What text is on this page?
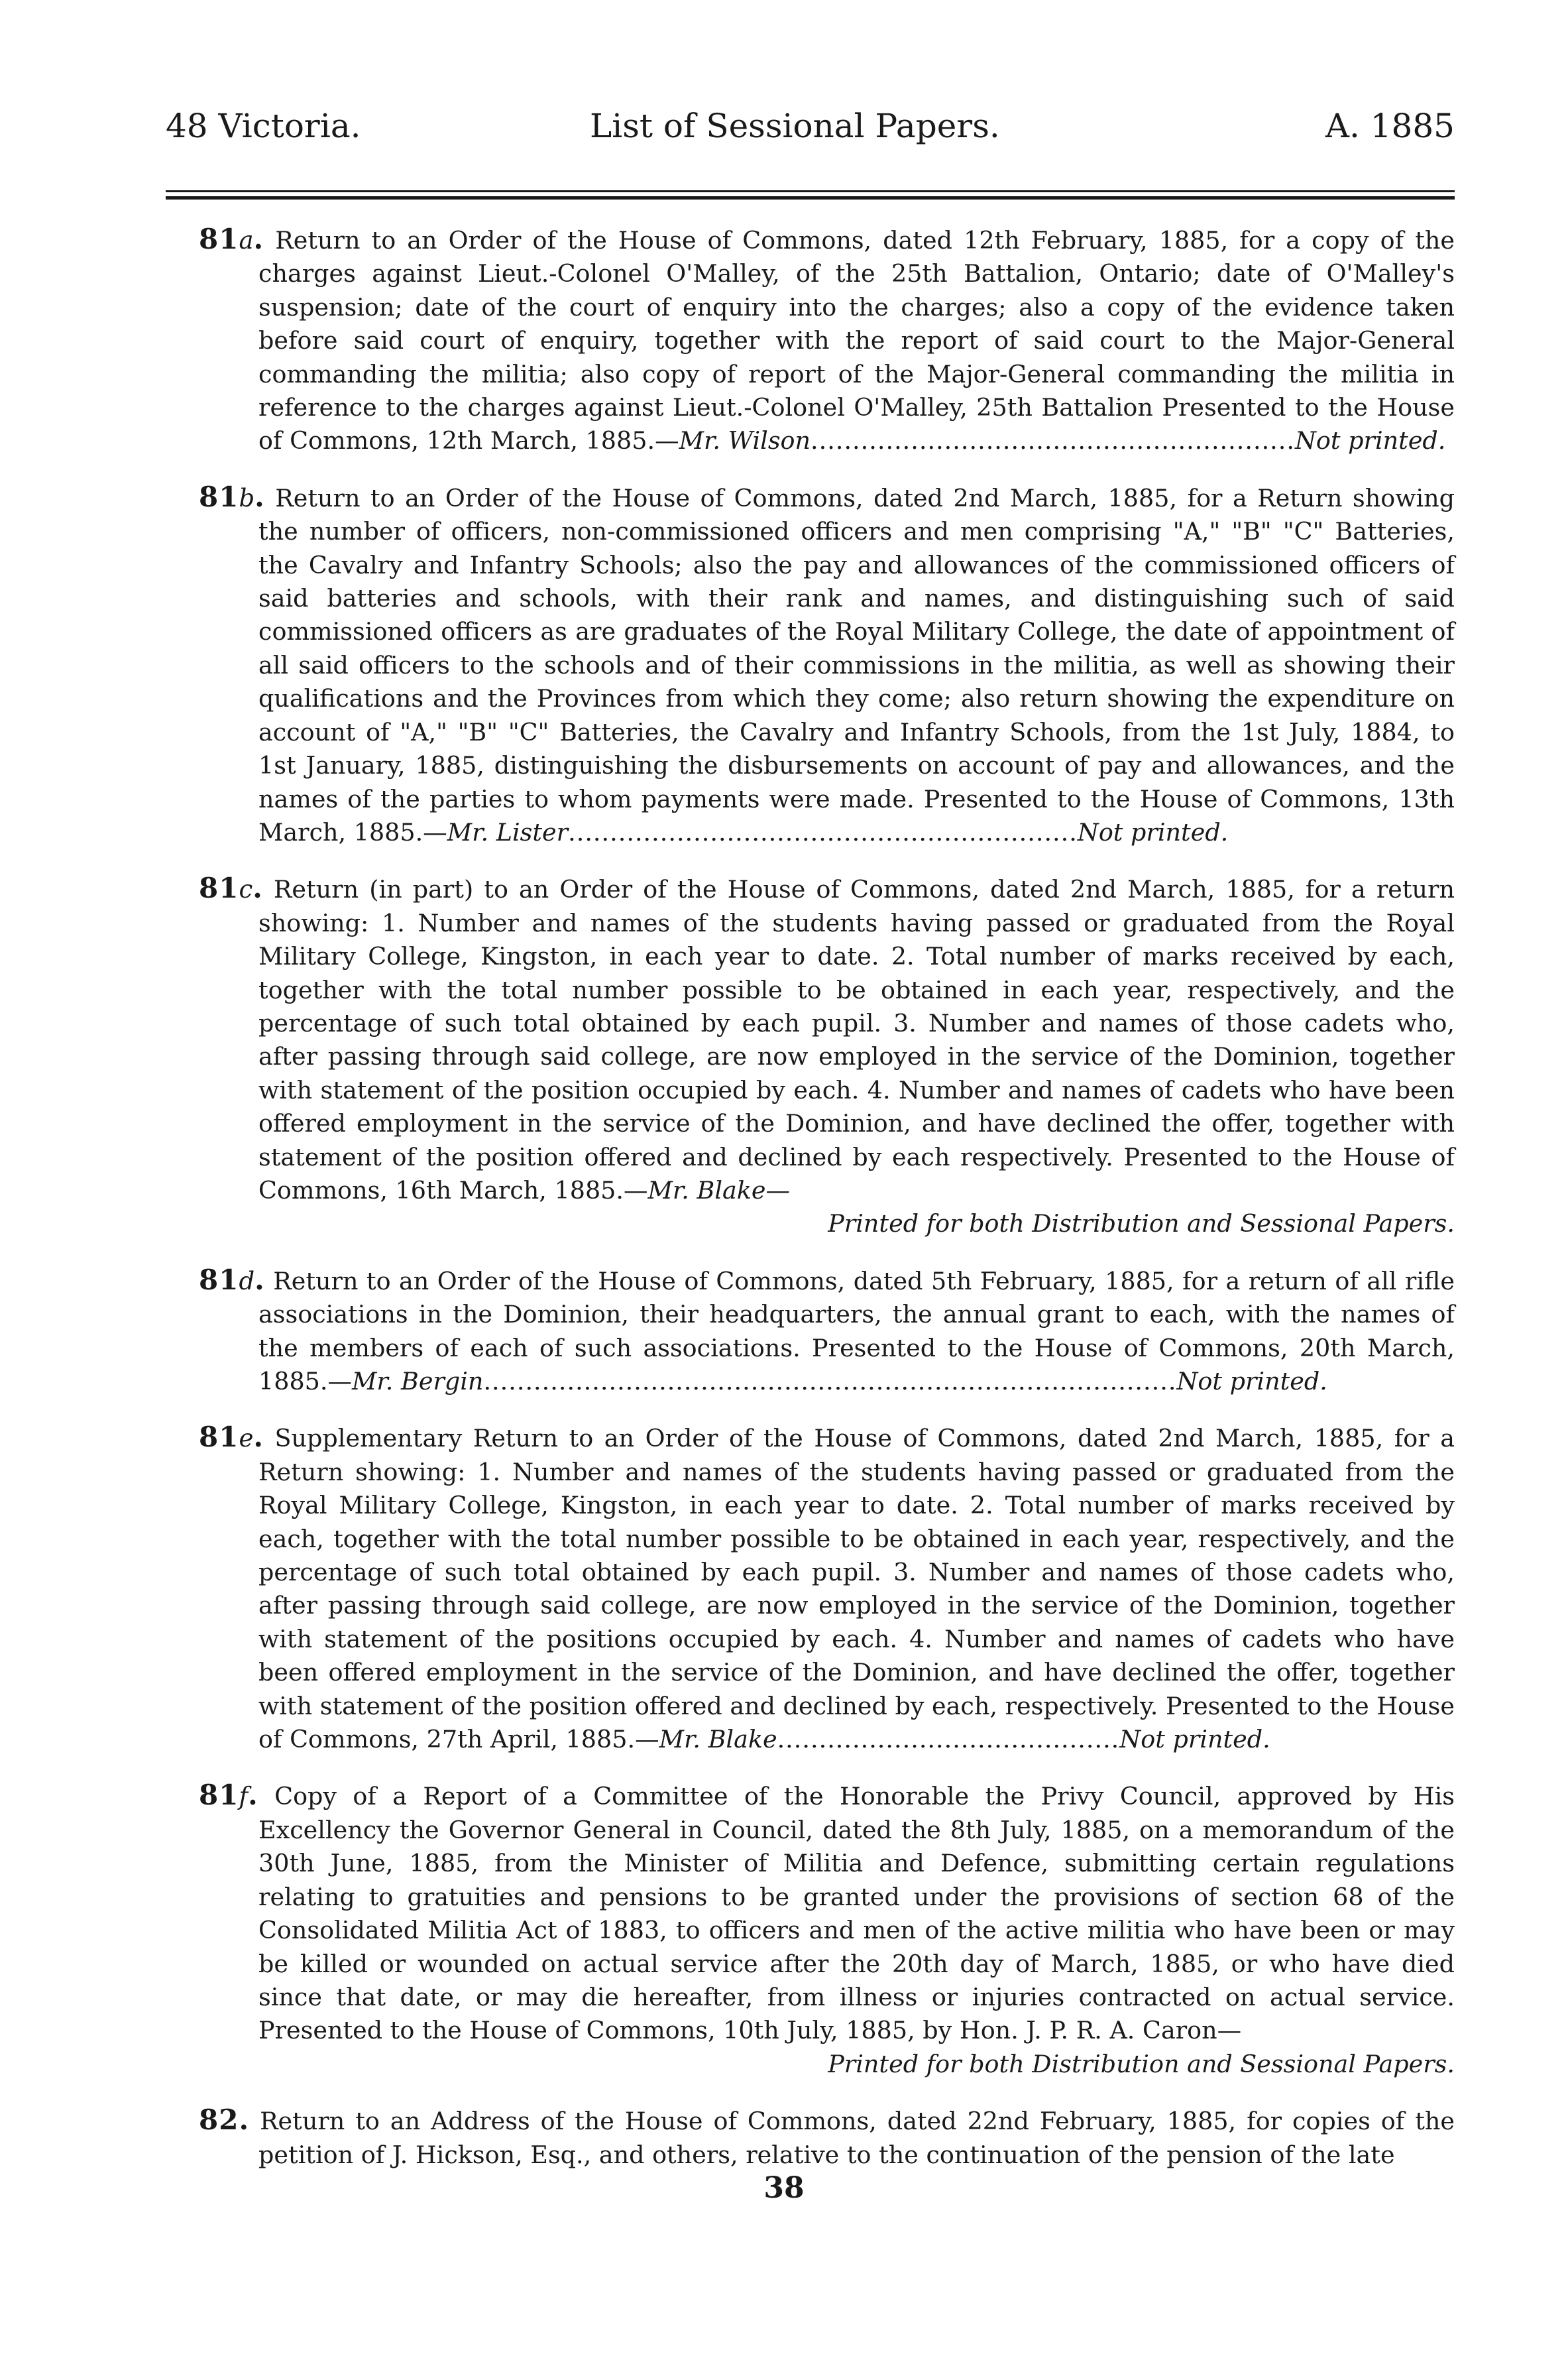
48 Victoria.	List of Sessional Papers.	A. 1885
81a. Return to an Order of the House of Commons, dated 12th February, 1885, for a copy of the charges against Lieut.-Colonel O'Malley, of the 25th Battalion, Ontario; date of O'Malley's suspension; date of the court of enquiry into the charges; also a copy of the evidence taken before said court of enquiry, together with the report of said court to the Major-General commanding the militia; also copy of report of the Major-General commanding the militia in reference to the charges against Lieut.-Colonel O'Malley, 25th Battalion Presented to the House of Commons, 12th March, 1885.—Mr. Wilson..........................................................Not printed.
81b. Return to an Order of the House of Commons, dated 2nd March, 1885, for a Return showing the number of officers, non-commissioned officers and men comprising "A," "B" "C" Batteries, the Cavalry and Infantry Schools; also the pay and allowances of the commissioned officers of said batteries and schools, with their rank and names, and distinguishing such of said commissioned officers as are graduates of the Royal Military College, the date of appointment of all said officers to the schools and of their commissions in the militia, as well as showing their qualifications and the Provinces from which they come; also return showing the expenditure on account of "A," "B" "C" Batteries, the Cavalry and Infantry Schools, from the 1st July, 1884, to 1st January, 1885, distinguishing the disbursements on account of pay and allowances, and the names of the parties to whom payments were made. Presented to the House of Commons, 13th March, 1885.—Mr. Lister.............................................................Not printed.
81c. Return (in part) to an Order of the House of Commons, dated 2nd March, 1885, for a return showing: 1. Number and names of the students having passed or graduated from the Royal Military College, Kingston, in each year to date. 2. Total number of marks received by each, together with the total number possible to be obtained in each year, respectively, and the percentage of such total obtained by each pupil. 3. Number and names of those cadets who, after passing through said college, are now employed in the service of the Dominion, together with statement of the position occupied by each. 4. Number and names of cadets who have been offered employment in the service of the Dominion, and have declined the offer, together with statement of the position offered and declined by each respectively. Presented to the House of Commons, 16th March, 1885.—Mr. Blake—
Printed for both Distribution and Sessional Papers.
81d. Return to an Order of the House of Commons, dated 5th February, 1885, for a return of all rifle associations in the Dominion, their headquarters, the annual grant to each, with the names of the members of each of such associations. Presented to the House of Commons, 20th March, 1885.—Mr. Bergin...................................................................................Not printed.
81e. Supplementary Return to an Order of the House of Commons, dated 2nd March, 1885, for a Return showing: 1. Number and names of the students having passed or graduated from the Royal Military College, Kingston, in each year to date. 2. Total number of marks received by each, together with the total number possible to be obtained in each year, respectively, and the percentage of such total obtained by each pupil. 3. Number and names of those cadets who, after passing through said college, are now employed in the service of the Dominion, together with statement of the positions occupied by each. 4. Number and names of cadets who have been offered employment in the service of the Dominion, and have declined the offer, together with statement of the position offered and declined by each, respectively. Presented to the House of Commons, 27th April, 1885.—Mr. Blake.........................................Not printed.
81f. Copy of a Report of a Committee of the Honorable the Privy Council, approved by His Excellency the Governor General in Council, dated the 8th July, 1885, on a memorandum of the 30th June, 1885, from the Minister of Militia and Defence, submitting certain regulations relating to gratuities and pensions to be granted under the provisions of section 68 of the Consolidated Militia Act of 1883, to officers and men of the active militia who have been or may be killed or wounded on actual service after the 20th day of March, 1885, or who have died since that date, or may die hereafter, from illness or injuries contracted on actual service. Presented to the House of Commons, 10th July, 1885, by Hon. J. P. R. A. Caron—
Printed for both Distribution and Sessional Papers.
82. Return to an Address of the House of Commons, dated 22nd February, 1885, for copies of the petition of J. Hickson, Esq., and others, relative to the continuation of the pension of the late
38
